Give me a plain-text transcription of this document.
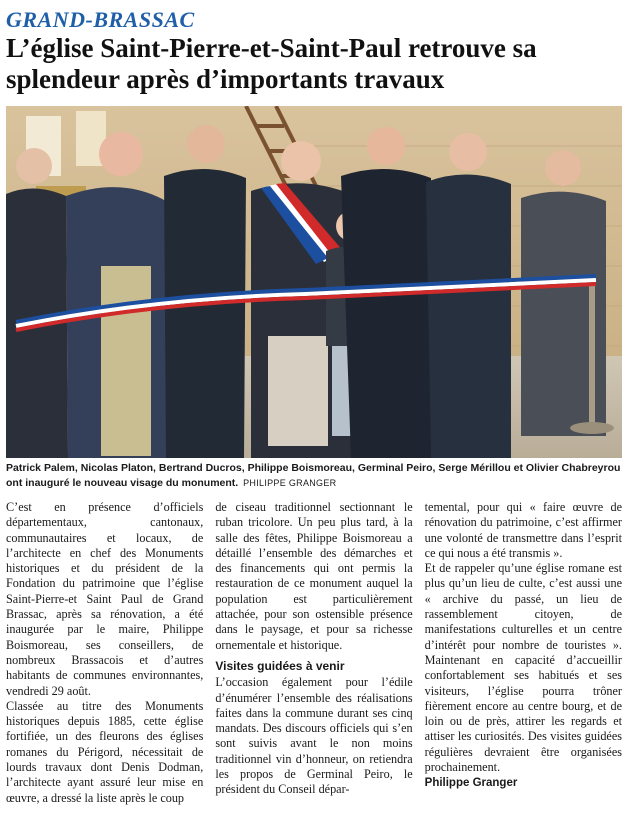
GRAND-BRASSAC
L’église Saint-Pierre-et-Saint-Paul retrouve sa splendeur après d’importants travaux
Patrick Palem, Nicolas Platon, Bertrand Ducros, Philippe Boismoreau, Germinal Peiro, Serge Mérillou et Olivier Chabreyrou ont inauguré le nouveau visage du monument. PHILIPPE GRANGER

C’est en présence d’officiels départementaux, cantonaux, communautaires et locaux, de l’architecte en chef des Monuments historiques et du président de la Fondation du patrimoine que l’église Saint-Pierre-et Saint Paul de Grand Brassac, après sa rénovation, a été inaugurée par le maire, Philippe Boismoreau, ses conseillers, de nombreux Brassacois et d’autres habitants de communes environnantes, vendredi 29 août.

Classée au titre des Monuments historiques depuis 1885, cette église fortifiée, un des fleurons des églises romanes du Périgord, nécessitait de lourds travaux dont Denis Dodman, l’architecte ayant assuré leur mise en œuvre, a dressé la liste après le coup

de ciseau traditionnel sectionnant le ruban tricolore. Un peu plus tard, à la salle des fêtes, Philippe Boismoreau a détaillé l’ensemble des démarches et des financements qui ont permis la restauration de ce monument auquel la population est particulièrement attachée, pour son ostensible présence dans le paysage, et pour sa richesse ornementale et historique.

Visites guidées à venir

L’occasion également pour l’édile d’énumérer l’ensemble des réalisations faites dans la commune durant ses cinq mandats. Des discours officiels qui s’en sont suivis avant le non moins traditionnel vin d’honneur, on retiendra les propos de Germinal Peiro, le président du Conseil dépar-

temental, pour qui « faire œuvre de rénovation du patrimoine, c’est affirmer une volonté de transmettre dans l’esprit ce qui nous a été transmis ».

Et de rappeler qu’une église romane est plus qu’un lieu de culte, c’est aussi une « archive du passé, un lieu de rassemblement citoyen, de manifestations culturelles et un centre d’intérêt pour nombre de touristes ». Maintenant en capacité d’accueillir confortablement ses habitués et ses visiteurs, l’église pourra trôner fièrement encore au centre bourg, et de loin ou de près, attirer les regards et attiser les curiosités. Des visites guidées régulières devraient être organisées prochainement.

Philippe Granger
